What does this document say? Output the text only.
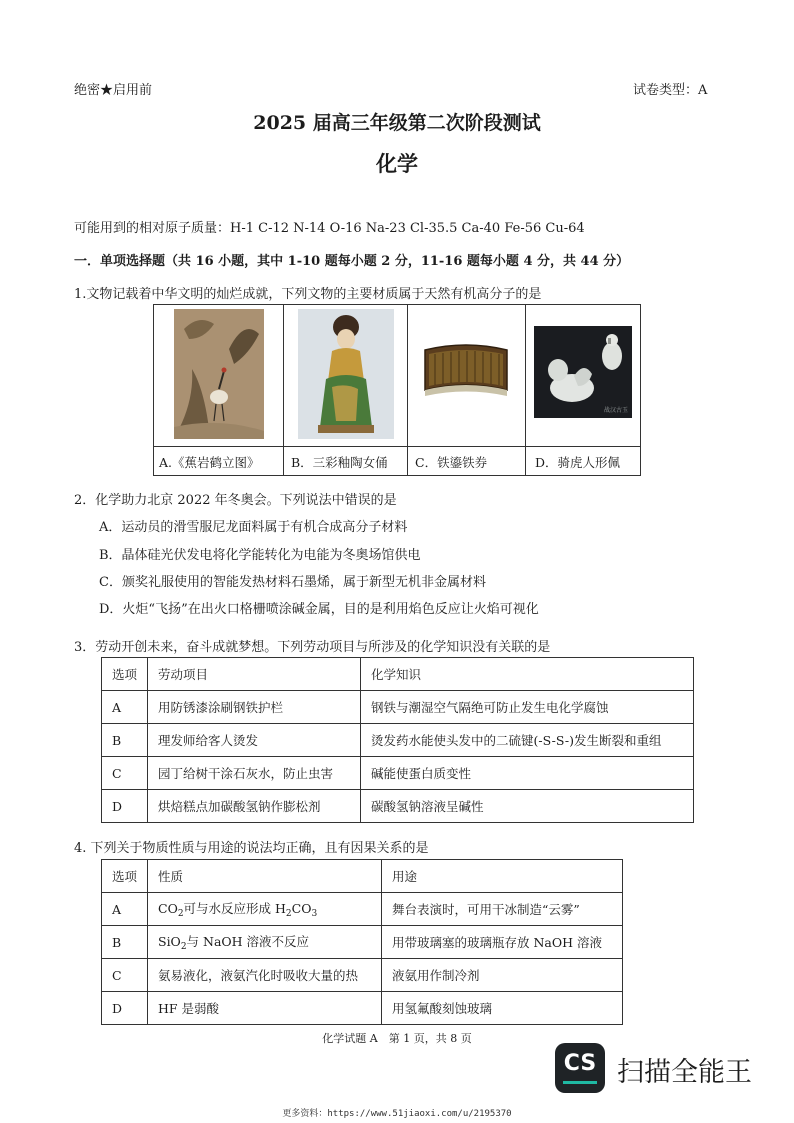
绝密★启用前	试卷类型：A
2025 届高三年级第二次阶段测试
化学
可能用到的相对原子质量：H-1 C-12 N-14 O-16 Na-23 Cl-35.5 Ca-40 Fe-56 Cu-64
一．单项选择题（共 16 小题，其中 1-10 题每小题 2 分，11-16 题每小题 4 分，共 44 分）
1.文物记载着中华文明的灿烂成就，下列文物的主要材质属于天然有机高分子的是
战汉古玉
A.《蕉岩鹤立图》	B．三彩釉陶女俑 C．铁鎏铁券	D．骑虎人形佩
2．化学助力北京 2022 年冬奥会。下列说法中错误的是
A．运动员的滑雪服尼龙面料属于有机合成高分子材料
B．晶体硅光伏发电将化学能转化为电能为冬奥场馆供电
C．颁奖礼服使用的智能发热材料石墨烯，属于新型无机非金属材料
D．火炬“飞扬”在出火口格栅喷涂碱金属，目的是利用焰色反应让火焰可视化
3．劳动开创未来，奋斗成就梦想。下列劳动项目与所涉及的化学知识没有关联的是
选项	劳动项目	化学知识
A	用防锈漆涂刷钢铁护栏	钢铁与潮湿空气隔绝可防止发生电化学腐蚀
B	理发师给客人烫发	烫发药水能使头发中的二硫键(-S-S-)发生断裂和重组
C	园丁给树干涂石灰水，防止虫害	碱能使蛋白质变性
D	烘焙糕点加碳酸氢钠作膨松剂	碳酸氢钠溶液呈碱性
4. 下列关于物质性质与用途的说法均正确，且有因果关系的是
选项	性质	用途
A	$CO_2$可与水反应形成 $H_2CO_3$	舞台表演时，可用干冰制造“云雾”
B	SiO$_2$与 NaOH 溶液不反应	用带玻璃塞的玻璃瓶存放 NaOH 溶液
C	氨易液化，液氨汽化时吸收大量的热	液氨用作制冷剂
D	HF 是弱酸	用氢氟酸刻蚀玻璃
化学试题 A　第 1 页，共 8 页
CS 扫描全能王
更多资料：https://www.51jiaoxi.com/u/2195370
